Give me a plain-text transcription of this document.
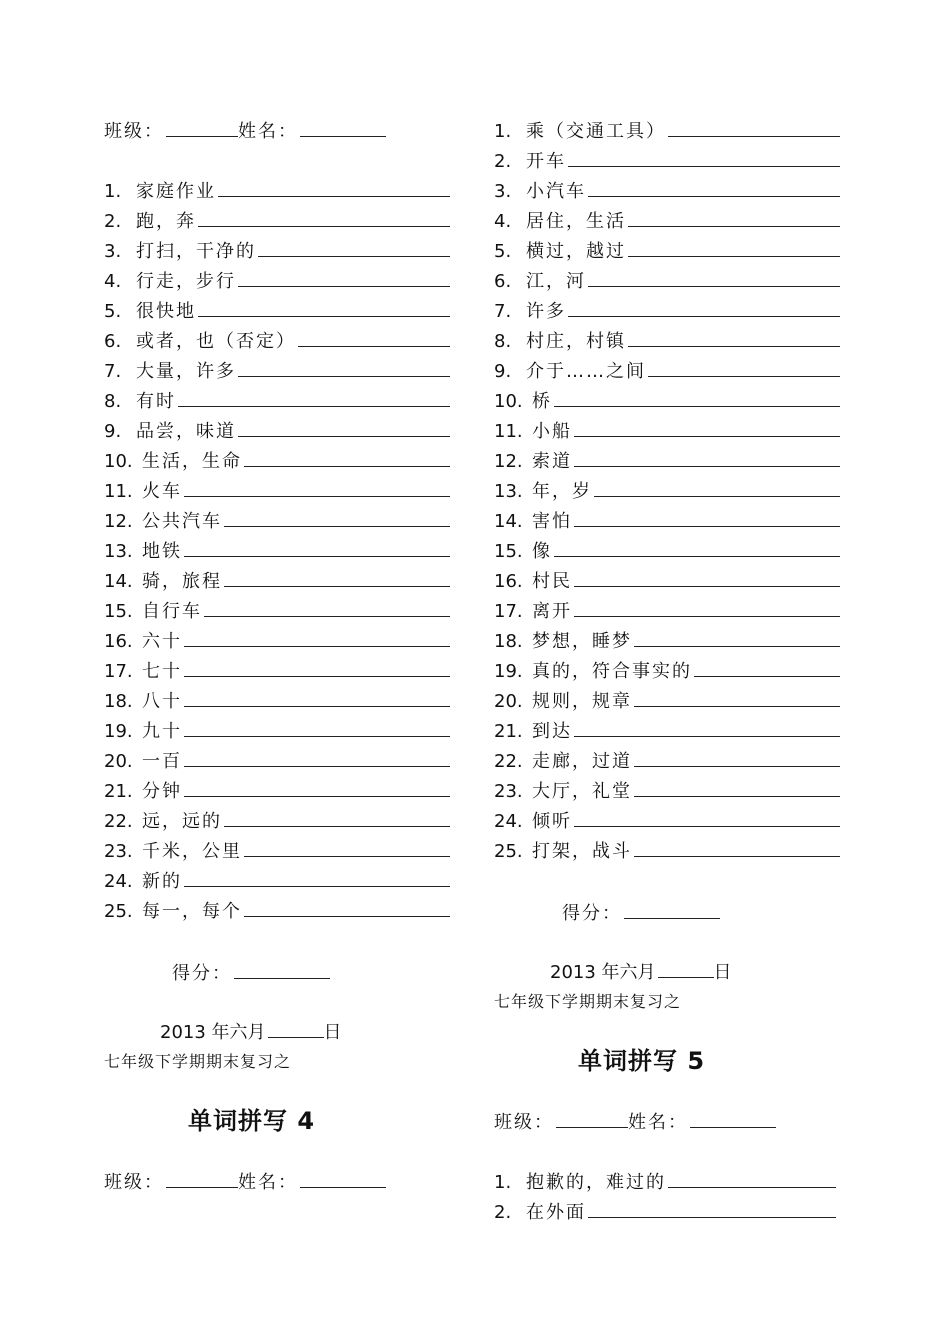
班级：	姓名：
1. 家庭作业
2. 跑，奔
3. 打扫，干净的
4. 行走，步行
5. 很快地
6. 或者，也（否定）
7. 大量，许多
8. 有时
9. 品尝，味道
10. 生活，生命
11. 火车
12. 公共汽车
13. 地铁
14. 骑，旅程
15. 自行车
16. 六十
17. 七十
18. 八十
19. 九十
20. 一百
21. 分钟
22. 远，远的
23. 千米，公里
24. 新的
25. 每一，每个
得分：
2013 年六月	日
七年级下学期期末复习之
单词拼写 4
班级：	姓名：
1. 乘（交通工具）
2. 开车
3. 小汽车
4. 居住，生活
5. 横过，越过
6. 江，河
7. 许多
8. 村庄，村镇
9. 介于……之间
10. 桥
11. 小船
12. 索道
13. 年，岁
14. 害怕
15. 像
16. 村民
17. 离开
18. 梦想，睡梦
19. 真的，符合事实的
20. 规则，规章
21. 到达
22. 走廊，过道
23. 大厅，礼堂
24. 倾听
25. 打架，战斗
得分：
2013 年六月	日
七年级下学期期末复习之
单词拼写 5
班级：	姓名：
1. 抱歉的，难过的
2. 在外面
